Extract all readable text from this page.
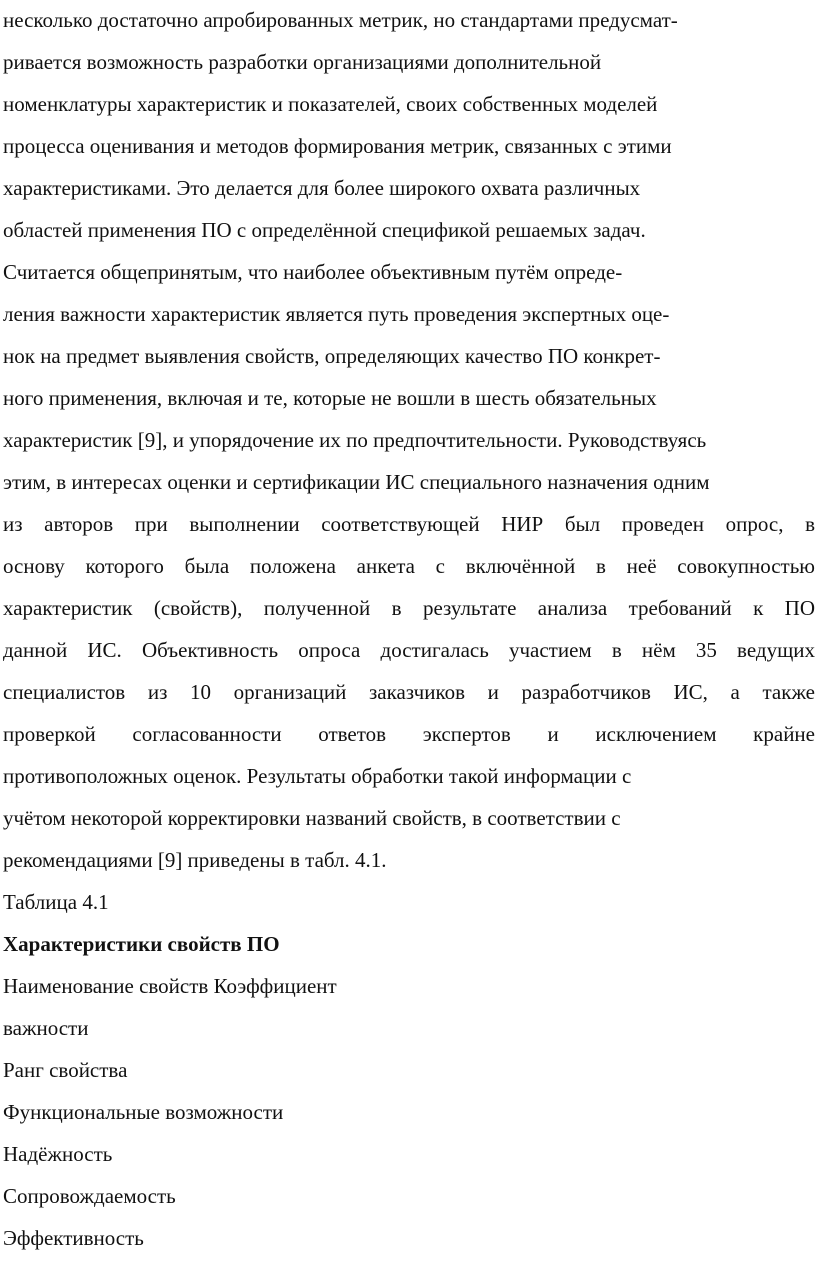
несколько достаточно апробированных метрик, но стандартами предусмат-
ривается возможность разработки организациями дополнительной
номенклатуры характеристик и показателей, своих собственных моделей
процесса оценивания и методов формирования метрик, связанных с этими
характеристиками. Это делается для более широкого охвата различных
областей применения ПО с определённой спецификой решаемых задач.
Считается общепринятым, что наиболее объективным путём опреде-
ления важности характеристик является путь проведения экспертных оце-
нок на предмет выявления свойств, определяющих качество ПО конкрет-
ного применения, включая и те, которые не вошли в шесть обязательных
характеристик [9], и упорядочение их по предпочтительности. Руководствуясь
этим, в интересах оценки и сертификации ИС специального назначения одним
из авторов при выполнении соответствующей НИР был проведен опрос, в
основу которого была положена анкета с включённой в неё совокупностью
характеристик (свойств), полученной в результате анализа требований к ПО
данной ИС. Объективность опроса достигалась участием в нём 35 ведущих
специалистов из 10 организаций заказчиков и разработчиков ИС, а также
проверкой согласованности ответов экспертов и исключением крайне
противоположных оценок. Результаты обработки такой информации с
учётом некоторой корректировки названий свойств, в соответствии с
рекомендациями [9] приведены в табл. 4.1.
Таблица 4.1
Характеристики свойств ПО
Наименование свойств Коэффициент
важности
Ранг свойства
Функциональные возможности
Надёжность
Сопровождаемость
Эффективность
